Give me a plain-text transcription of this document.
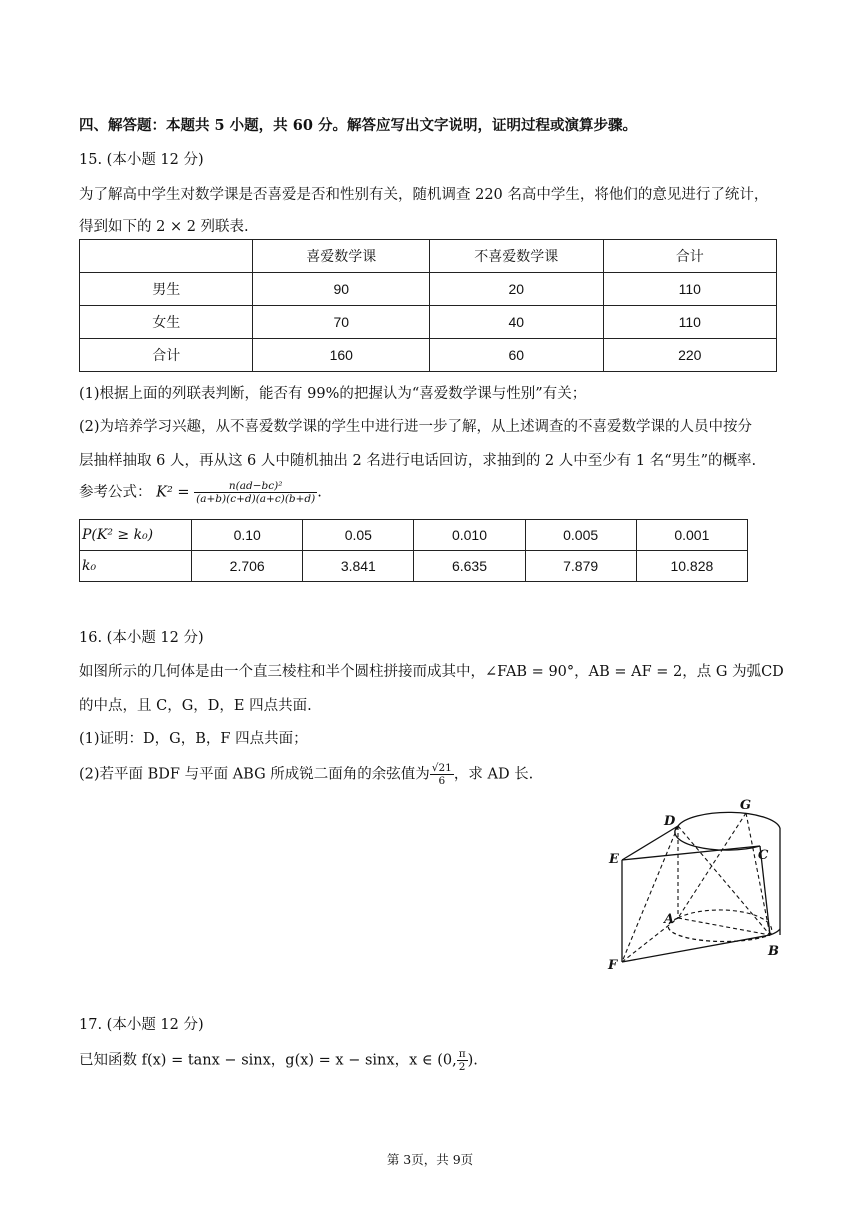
四、解答题：本题共 5 小题，共 60 分。解答应写出文字说明，证明过程或演算步骤。
15. (本小题 12 分)
为了解高中学生对数学课是否喜爱是否和性别有关，随机调查 220 名高中学生，将他们的意见进行了统计，
得到如下的 2 × 2 列联表.
	喜爱数学课	不喜爱数学课	合计
男生	90	20	110
女生	70	40	110
合计	160	60	220
(1)根据上面的列联表判断，能否有 99%的把握认为“喜爱数学课与性别”有关；
(2)为培养学习兴趣，从不喜爱数学课的学生中进行进一步了解，从上述调查的不喜爱数学课的人员中按分
层抽样抽取 6 人，再从这 6 人中随机抽出 2 名进行电话回访，求抽到的 2 人中至少有 1 名“男生”的概率.
参考公式： $K^2 = \frac{\text{n(ad−bc)²}}{(a+b)(c+d)(a+c)(b+d)}$ .
P(K² ≥ k₀)	0.10	0.05	0.010	0.005	0.001
k₀	2.706	3.841	6.635	7.879	10.828
16. (本小题 12 分)
如图所示的几何体是由一个直三棱柱和半个圆柱拼接而成其中，∠FAB = 90°，AB = AF = 2，点 G 为弧CD
的中点，且 C，G，D，E 四点共面.
(1)证明：D，G，B，F 四点共面；
(2)若平面 BDF 与平面 ABG 所成锐二面角的余弦值为 $\frac{√21}{6}$ ，求 AD 长.
D
G
E	C
A
F
B
17. (本小题 12 分)
已知函数 f(x) = tanx − sinx，g(x) = x − sinx，x ∈ (0, $\frac{\pi}{2}$ ).
第 3页，共 9页
